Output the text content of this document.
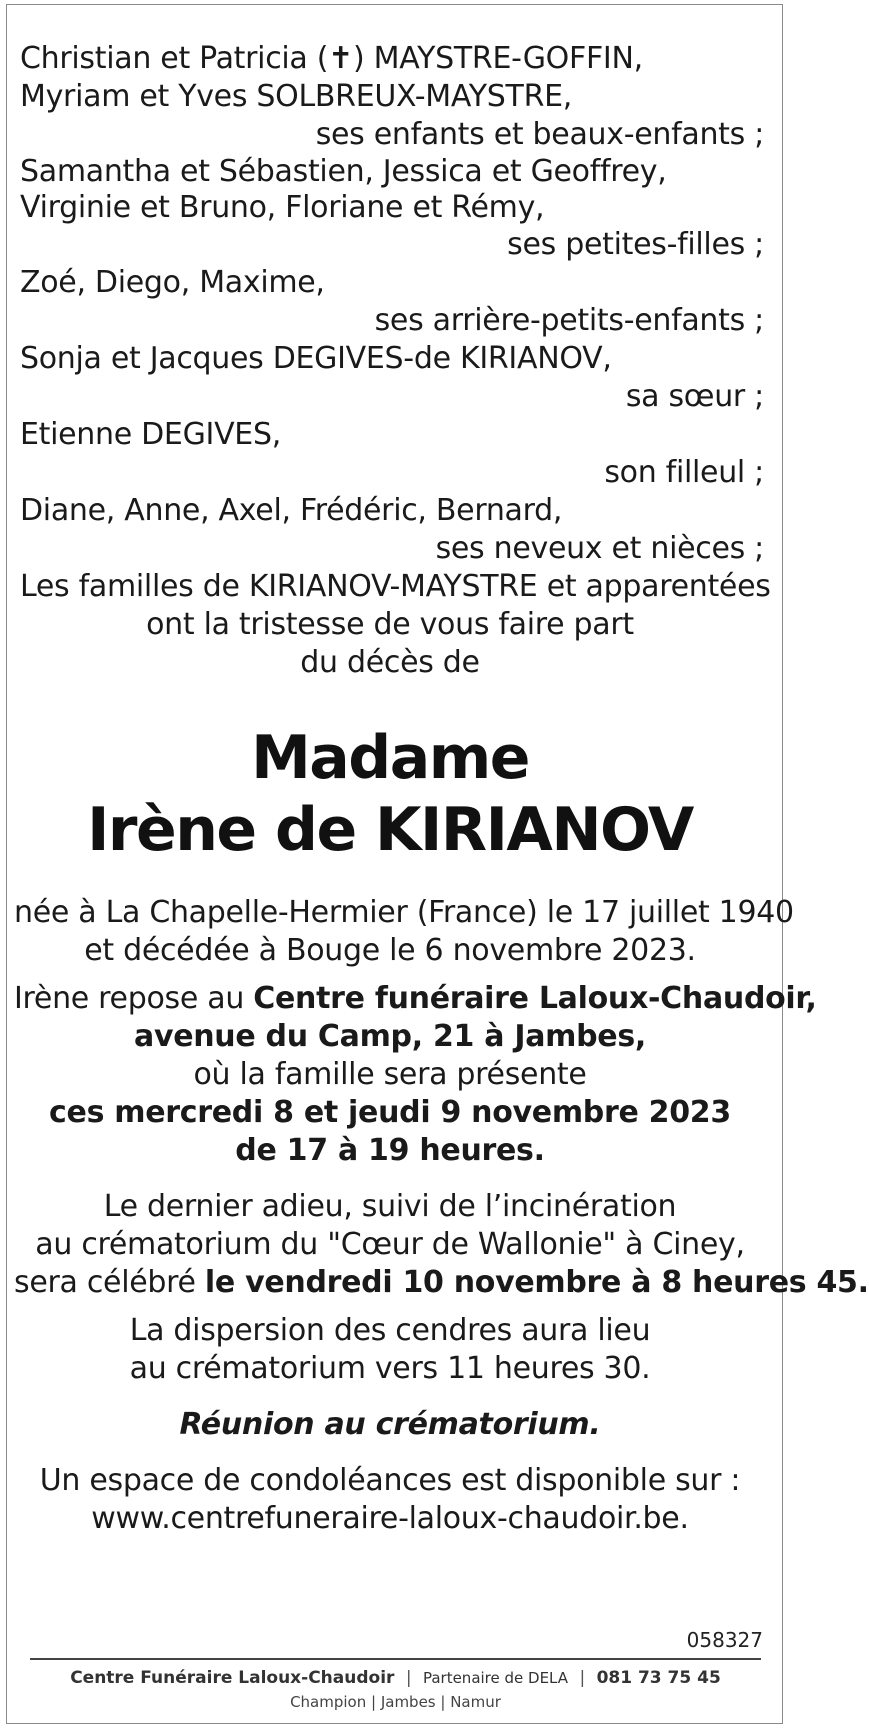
Christian et Patricia (✝) MAYSTRE-GOFFIN,
Myriam et Yves SOLBREUX-MAYSTRE,
ses enfants et beaux-enfants ;
Samantha et Sébastien, Jessica et Geoffrey,
Virginie et Bruno, Floriane et Rémy,
ses petites-filles ;
Zoé, Diego, Maxime,
ses arrière-petits-enfants ;
Sonja et Jacques DEGIVES-de KIRIANOV,
sa sœur ;
Etienne DEGIVES,
son filleul ;
Diane, Anne, Axel, Frédéric, Bernard,
ses neveux et nièces ;
Les familles de KIRIANOV-MAYSTRE et apparentées
ont la tristesse de vous faire part
du décès de
Madame
Irène de KIRIANOV
née à La Chapelle-Hermier (France) le 17 juillet 1940
et décédée à Bouge le 6 novembre 2023.
Irène repose au Centre funéraire Laloux-Chaudoir,
avenue du Camp, 21 à Jambes,
où la famille sera présente
ces mercredi 8 et jeudi 9 novembre 2023
de 17 à 19 heures.
Le dernier adieu, suivi de l’incinération
au crématorium du "Cœur de Wallonie" à Ciney,
sera célébré le vendredi 10 novembre à 8 heures 45.
La dispersion des cendres aura lieu
au crématorium vers 11 heures 30.
Réunion au crématorium.
Un espace de condoléances est disponible sur :
www.centrefuneraire-laloux-chaudoir.be.
058327
Centre Funéraire Laloux-Chaudoir | Partenaire de DELA | 081 73 75 45
Champion | Jambes | Namur
